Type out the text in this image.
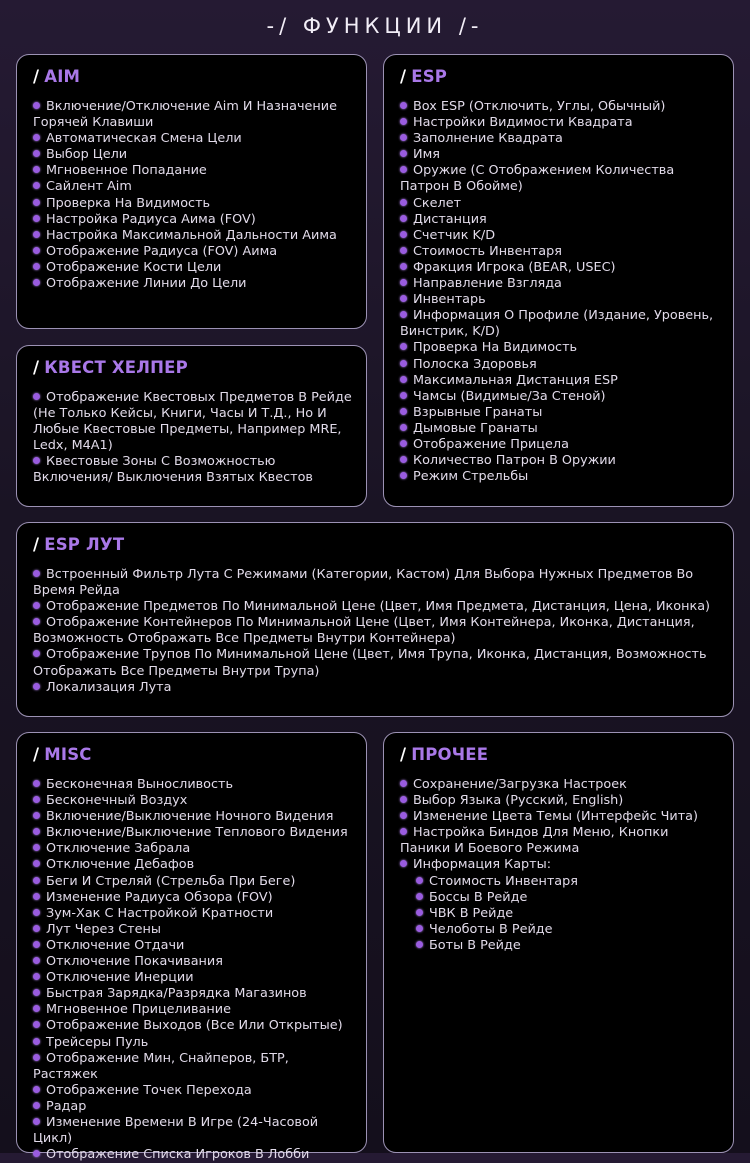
-/ ФУНКЦИИ /-
/ AIM
Включение/Отключение Aim И Назначение Горячей Клавиши
Автоматическая Смена Цели
Выбор Цели
Мгновенное Попадание
Сайлент Aim
Проверка На Видимость
Настройка Радиуса Аима (FOV)
Настройка Максимальной Дальности Аима
Отображение Радиуса (FOV) Аима
Отображение Кости Цели
Отображение Линии До Цели
/ ESP
Box ESP (Отключить, Углы, Обычный)
Настройки Видимости Квадрата
Заполнение Квадрата
Имя
Оружие (С Отображением Количества Патрон В Обойме)
Скелет
Дистанция
Счетчик K/D
Стоимость Инвентаря
Фракция Игрока (BEAR, USEC)
Направление Взгляда
Инвентарь
Информация О Профиле (Издание, Уровень, Винстрик, K/D)
Проверка На Видимость
Полоска Здоровья
Максимальная Дистанция ESP
Чамсы (Видимые/За Стеной)
Взрывные Гранаты
Дымовые Гранаты
Отображение Прицела
Количество Патрон В Оружии
Режим Стрельбы
/ КВЕСТ ХЕЛПЕР
Отображение Квестовых Предметов В Рейде (Не Только Кейсы, Книги, Часы И Т.Д., Но И Любые Квестовые Предметы, Например MRE, Ledx, M4A1)
Квестовые Зоны С Возможностью Включения/ Выключения Взятых Квестов
/ ESP ЛУТ
Встроенный Фильтр Лута С Режимами (Категории, Кастом) Для Выбора Нужных Предметов Во Время Рейда
Отображение Предметов По Минимальной Цене (Цвет, Имя Предмета, Дистанция, Цена, Иконка)
Отображение Контейнеров По Минимальной Цене (Цвет, Имя Контейнера, Иконка, Дистанция, Возможность Отображать Все Предметы Внутри Контейнера)
Отображение Трупов По Минимальной Цене (Цвет, Имя Трупа, Иконка, Дистанция, Возможность Отображать Все Предметы Внутри Трупа)
Локализация Лута
/ MISC
Бесконечная Выносливость
Бесконечный Воздух
Включение/Выключение Ночного Видения
Включение/Выключение Теплового Видения
Отключение Забрала
Отключение Дебафов
Беги И Стреляй (Стрельба При Беге)
Изменение Радиуса Обзора (FOV)
Зум-Хак С Настройкой Кратности
Лут Через Стены
Отключение Отдачи
Отключение Покачивания
Отключение Инерции
Быстрая Зарядка/Разрядка Магазинов
Мгновенное Прицеливание
Отображение Выходов (Все Или Открытые)
Трейсеры Пуль
Отображение Мин, Снайперов, БТР, Растяжек
Отображение Точек Перехода
Радар
Изменение Времени В Игре (24-Часовой Цикл)
Отображение Списка Игроков В Лобби
/ ПРОЧЕЕ
Сохранение/Загрузка Настроек
Выбор Языка (Русский, English)
Изменение Цвета Темы (Интерфейс Чита)
Настройка Биндов Для Меню, Кнопки Паники И Боевого Режима
Информация Карты:
Стоимость Инвентаря
Боссы В Рейде
ЧВК В Рейде
Челоботы В Рейде
Боты В Рейде
